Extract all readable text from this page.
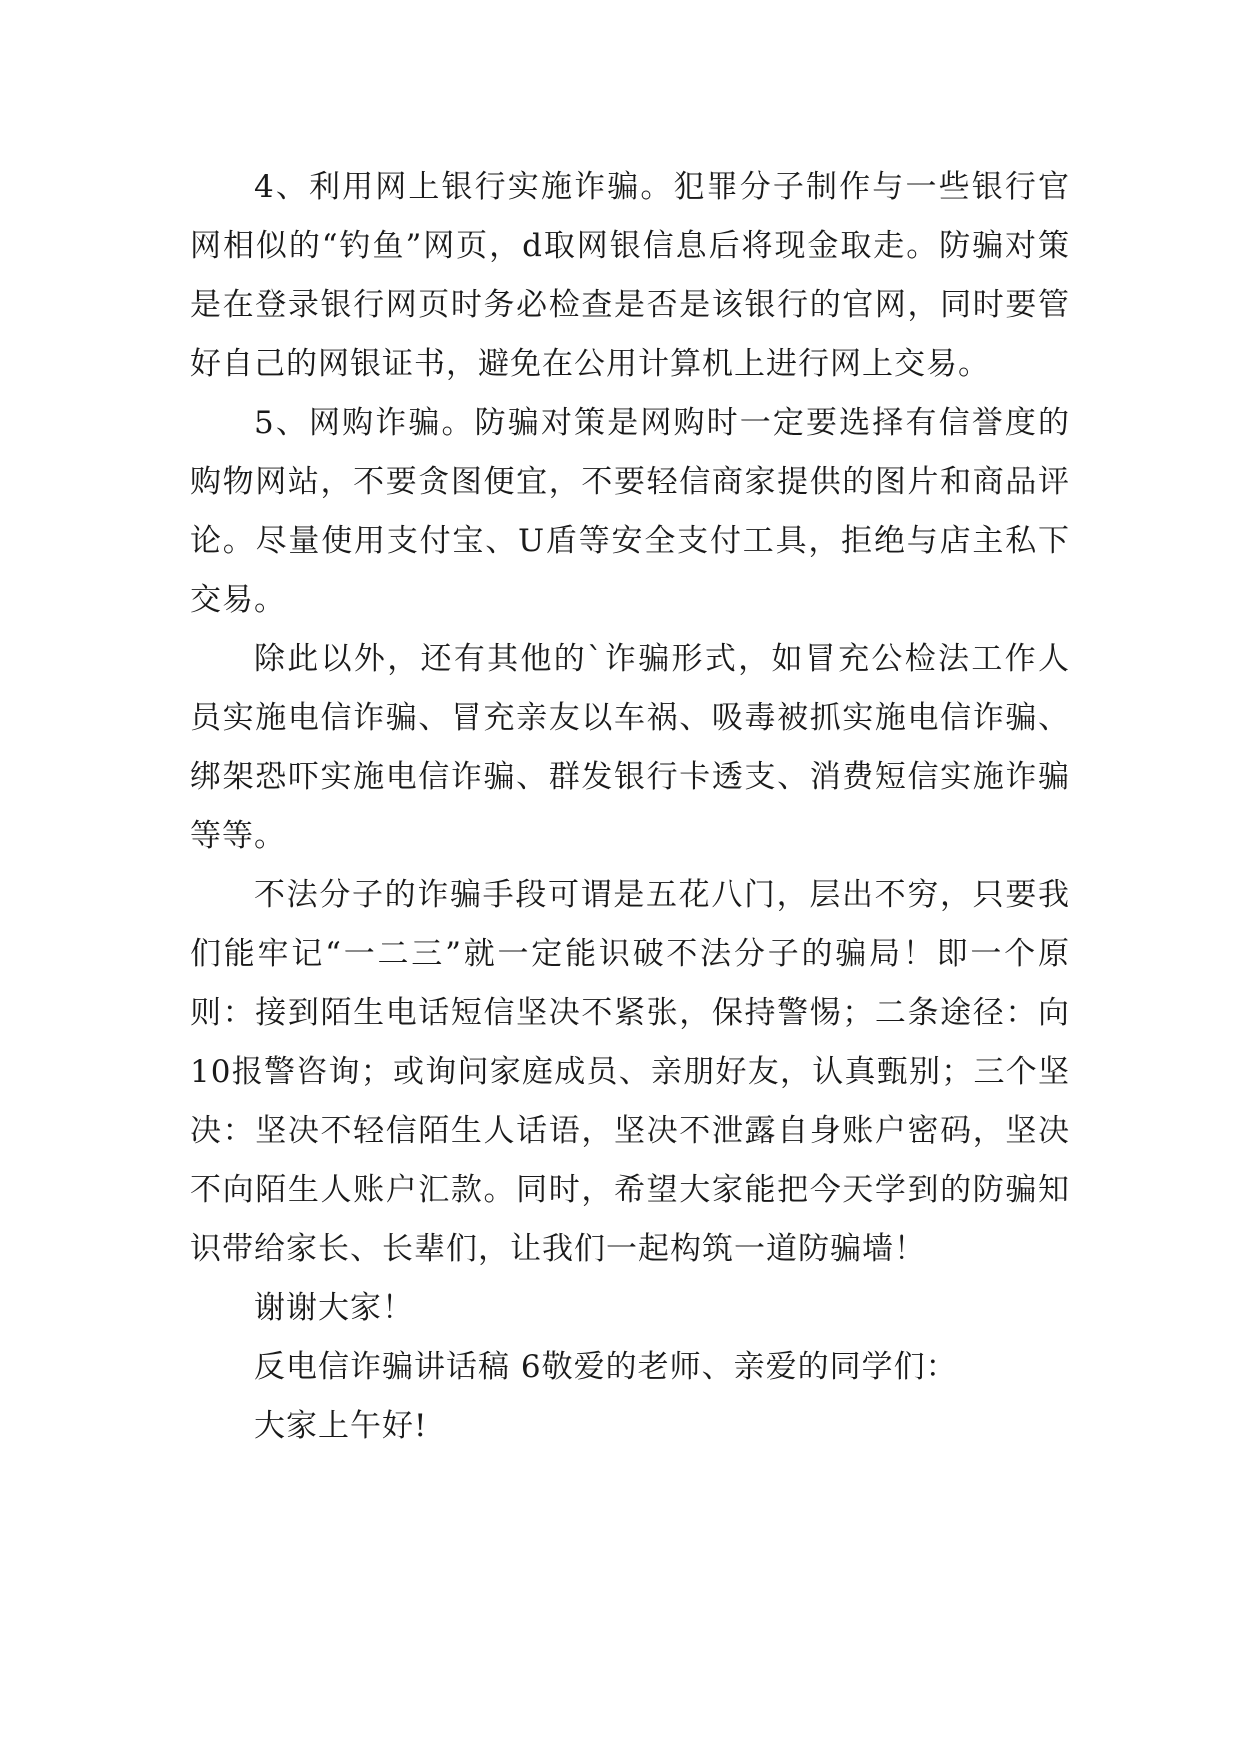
4、利用网上银行实施诈骗。犯罪分子制作与一些银行官网相似的“钓鱼”网页，d取网银信息后将现金取走。防骗对策是在登录银行网页时务必检查是否是该银行的官网，同时要管好自己的网银证书，避免在公用计算机上进行网上交易。

5、网购诈骗。防骗对策是网购时一定要选择有信誉度的购物网站，不要贪图便宜，不要轻信商家提供的图片和商品评论。尽量使用支付宝、U盾等安全支付工具，拒绝与店主私下交易。

除此以外，还有其他的`诈骗形式，如冒充公检法工作人员实施电信诈骗、冒充亲友以车祸、吸毒被抓实施电信诈骗、绑架恐吓实施电信诈骗、群发银行卡透支、消费短信实施诈骗等等。

不法分子的诈骗手段可谓是五花八门，层出不穷，只要我们能牢记“一二三”就一定能识破不法分子的骗局！即一个原则：接到陌生电话短信坚决不紧张，保持警惕；二条途径：向10报警咨询；或询问家庭成员、亲朋好友，认真甄别；三个坚决：坚决不轻信陌生人话语，坚决不泄露自身账户密码，坚决不向陌生人账户汇款。同时，希望大家能把今天学到的防骗知识带给家长、长辈们，让我们一起构筑一道防骗墙！

谢谢大家！

反电信诈骗讲话稿 6敬爱的老师、亲爱的同学们：

大家上午好!
